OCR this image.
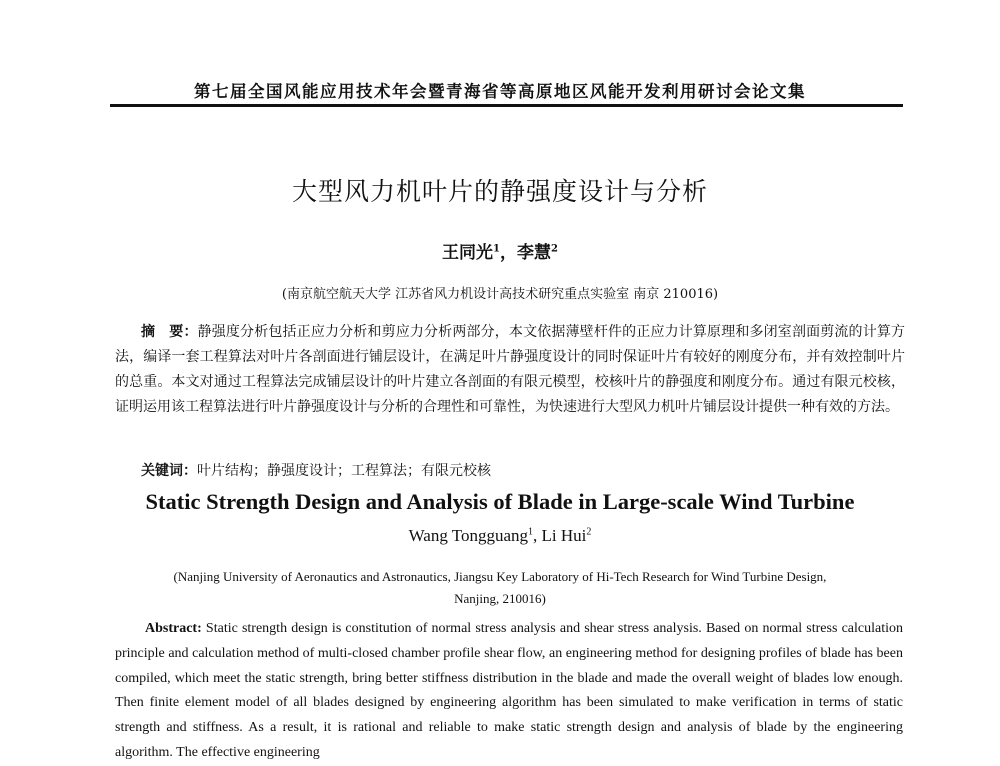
第七届全国风能应用技术年会暨青海省等高原地区风能开发利用研讨会论文集
大型风力机叶片的静强度设计与分析
王同光$^1$，李慧$^2$
(南京航空航天大学 江苏省风力机设计高技术研究重点实验室 南京 210016)

摘　要：静强度分析包括正应力分析和剪应力分析两部分，本文依据薄壁杆件的正应力计算原理和多闭室剖面剪流的计算方法，编译一套工程算法对叶片各剖面进行铺层设计，在满足叶片静强度设计的同时保证叶片有较好的刚度分布，并有效控制叶片的总重。本文对通过工程算法完成铺层设计的叶片建立各剖面的有限元模型，校核叶片的静强度和刚度分布。通过有限元校核，证明运用该工程算法进行叶片静强度设计与分析的合理性和可靠性，为快速进行大型风力机叶片铺层设计提供一种有效的方法。

关键词：叶片结构；静强度设计；工程算法；有限元校核
Static Strength Design and Analysis of Blade in Large-scale Wind Turbine
Wang Tongguang$^1$, Li Hui$^2$
(Nanjing University of Aeronautics and Astronautics, Jiangsu Key Laboratory of Hi-Tech Research for Wind Turbine Design,
Nanjing, 210016)

Abstract: Static strength design is constitution of normal stress analysis and shear stress analysis. Based on normal stress calculation principle and calculation method of multi-closed chamber profile shear flow, an engineering method for designing profiles of blade has been compiled, which meet the static strength, bring better stiffness distribution in the blade and made the overall weight of blades low enough. Then finite element model of all blades designed by engineering algorithm has been simulated to make verification in terms of static strength and stiffness. As a result, it is rational and reliable to make static strength design and analysis of blade by the engineering algorithm. The effective engineering
